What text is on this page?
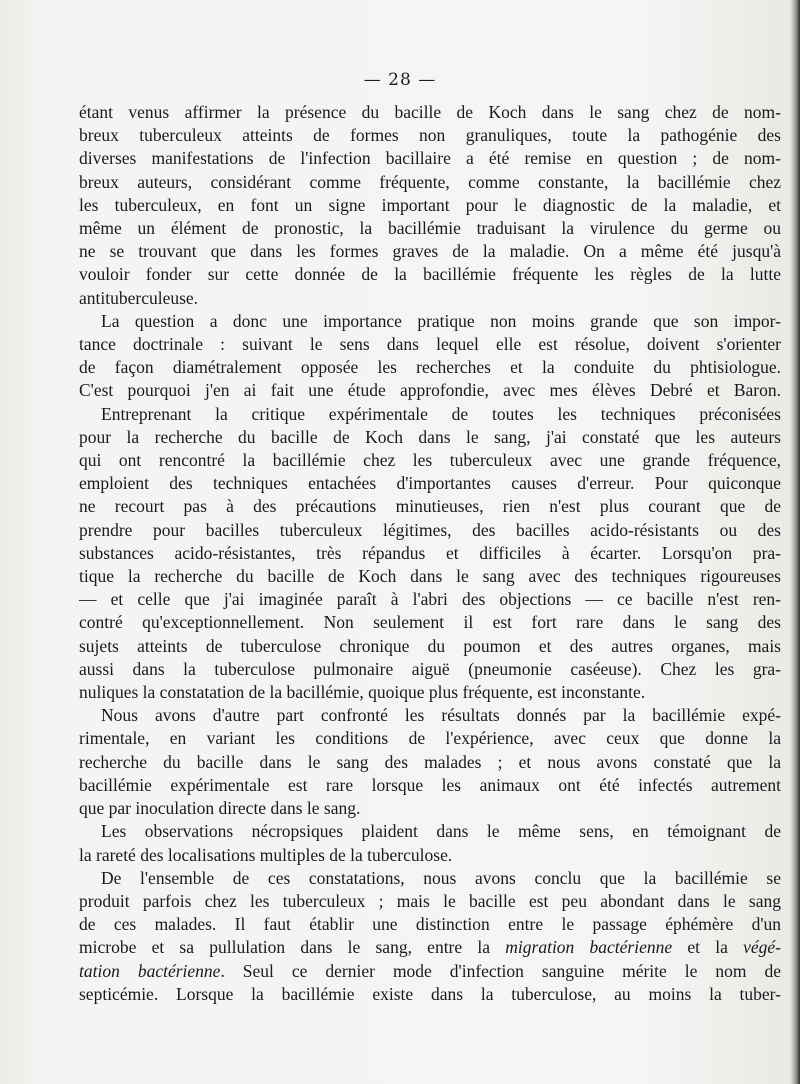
— 28 —
étant venus affirmer la présence du bacille de Koch dans le sang chez de nom-
breux tuberculeux atteints de formes non granuliques, toute la pathogénie des
diverses manifestations de l'infection bacillaire a été remise en question ; de nom-
breux auteurs, considérant comme fréquente, comme constante, la bacillémie chez
les tuberculeux, en font un signe important pour le diagnostic de la maladie, et
même un élément de pronostic, la bacillémie traduisant la virulence du germe ou
ne se trouvant que dans les formes graves de la maladie. On a même été jusqu'à
vouloir fonder sur cette donnée de la bacillémie fréquente les règles de la lutte
antituberculeuse.
La question a donc une importance pratique non moins grande que son impor-
tance doctrinale : suivant le sens dans lequel elle est résolue, doivent s'orienter
de façon diamétralement opposée les recherches et la conduite du phtisiologue.
C'est pourquoi j'en ai fait une étude approfondie, avec mes élèves Debré et Baron.
Entreprenant la critique expérimentale de toutes les techniques préconisées
pour la recherche du bacille de Koch dans le sang, j'ai constaté que les auteurs
qui ont rencontré la bacillémie chez les tuberculeux avec une grande fréquence,
emploient des techniques entachées d'importantes causes d'erreur. Pour quiconque
ne recourt pas à des précautions minutieuses, rien n'est plus courant que de
prendre pour bacilles tuberculeux légitimes, des bacilles acido-résistants ou des
substances acido-résistantes, très répandus et difficiles à écarter. Lorsqu'on pra-
tique la recherche du bacille de Koch dans le sang avec des techniques rigoureuses
— et celle que j'ai imaginée paraît à l'abri des objections — ce bacille n'est ren-
contré qu'exceptionnellement. Non seulement il est fort rare dans le sang des
sujets atteints de tuberculose chronique du poumon et des autres organes, mais
aussi dans la tuberculose pulmonaire aiguë (pneumonie caséeuse). Chez les gra-
nuliques la constatation de la bacillémie, quoique plus fréquente, est inconstante.
Nous avons d'autre part confronté les résultats donnés par la bacillémie expé-
rimentale, en variant les conditions de l'expérience, avec ceux que donne la
recherche du bacille dans le sang des malades ; et nous avons constaté que la
bacillémie expérimentale est rare lorsque les animaux ont été infectés autrement
que par inoculation directe dans le sang.
Les observations nécropsiques plaident dans le même sens, en témoignant de
la rareté des localisations multiples de la tuberculose.
De l'ensemble de ces constatations, nous avons conclu que la bacillémie se
produit parfois chez les tuberculeux ; mais le bacille est peu abondant dans le sang
de ces malades. Il faut établir une distinction entre le passage éphémère d'un
microbe et sa pullulation dans le sang, entre la migration bactérienne et la végé-
tation bactérienne. Seul ce dernier mode d'infection sanguine mérite le nom de
septicémie. Lorsque la bacillémie existe dans la tuberculose, au moins la tuber-
